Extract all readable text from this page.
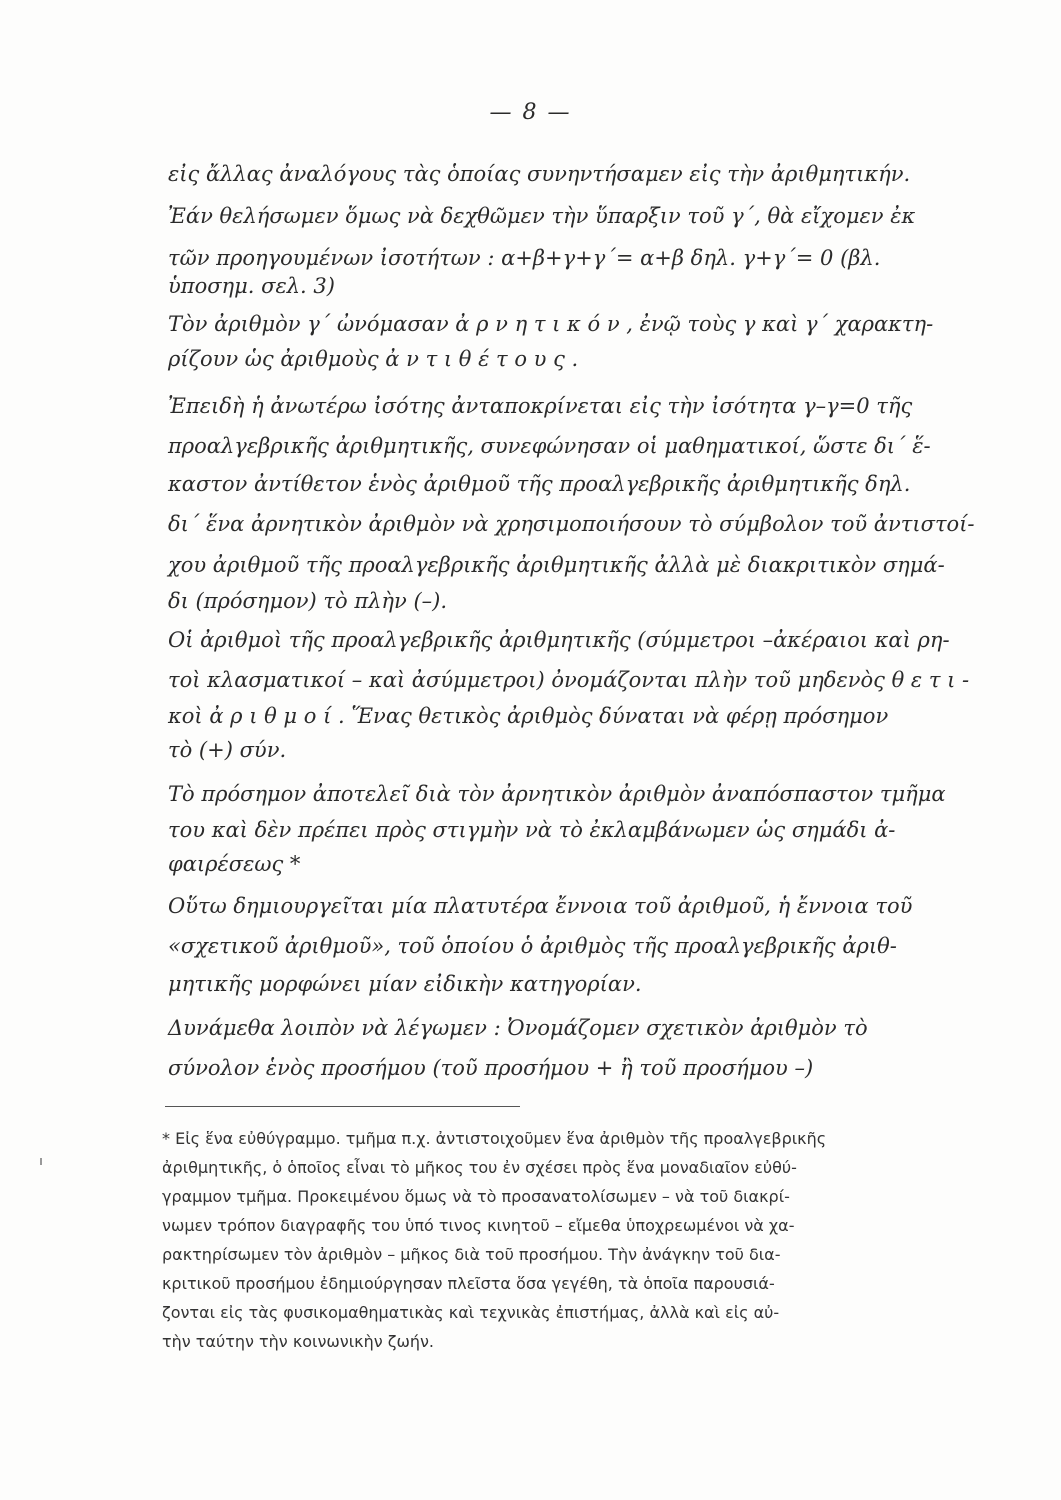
— 8 —
εἰς ἄλλας ἀναλόγους τὰς ὁποίας συνηντήσαμεν εἰς τὴν ἀριθμητικήν.
Ἐάν θελήσωμεν ὅμως νὰ δεχθῶμεν τὴν ὕπαρξιν τοῦ γ΄, θὰ εἴχομεν ἐκ
τῶν προηγουμένων ἰσοτήτων : α+β+γ+γ΄= α+β δηλ. γ+γ΄= 0 (βλ.
ὑποσημ. σελ. 3)
Τὸν ἀριθμὸν γ΄ ὠνόμασαν ἀ ρ ν η τ ι κ ό ν , ἐνῷ τοὺς γ καὶ γ΄ χαρακτη-
ρίζουν ὡς ἀριθμοὺς ἀ ν τ ι θ έ τ ο υ ς .
Ἐπειδὴ ἡ ἀνωτέρω ἰσότης ἀνταποκρίνεται εἰς τὴν ἰσότητα γ–γ=0 τῆς
προαλγεβρικῆς ἀριθμητικῆς, συνεφώνησαν οἱ μαθηματικοί, ὥστε δι΄ ἕ-
καστον ἀντίθετον ἑνὸς ἀριθμοῦ τῆς προαλγεβρικῆς ἀριθμητικῆς δηλ.
δι΄ ἕνα ἀρνητικὸν ἀριθμὸν νὰ χρησιμοποιήσουν τὸ σύμβολον τοῦ ἀντιστοί-
χου ἀριθμοῦ τῆς προαλγεβρικῆς ἀριθμητικῆς ἀλλὰ μὲ διακριτικὸν σημά-
δι (πρόσημον) τὸ πλὴν (–).
Οἱ ἀριθμοὶ τῆς προαλγεβρικῆς ἀριθμητικῆς (σύμμετροι –ἀκέραιοι καὶ ρη-
τοὶ κλασματικοί – καὶ ἀσύμμετροι) ὀνομάζονται πλὴν τοῦ μηδενὸς θ ε τ ι -
κοὶ ἀ ρ ι θ μ ο ί . Ἕνας θετικὸς ἀριθμὸς δύναται νὰ φέρῃ πρόσημον
τὸ (+) σύν.
Τὸ πρόσημον ἀποτελεῖ διὰ τὸν ἀρνητικὸν ἀριθμὸν ἀναπόσπαστον τμῆμα
του καὶ δὲν πρέπει πρὸς στιγμὴν νὰ τὸ ἐκλαμβάνωμεν ὡς σημάδι ἀ-
φαιρέσεως *
Οὕτω δημιουργεῖται μία πλατυτέρα ἔννοια τοῦ ἀριθμοῦ, ἡ ἔννοια τοῦ
«σχετικοῦ ἀριθμοῦ», τοῦ ὁποίου ὁ ἀριθμὸς τῆς προαλγεβρικῆς ἀριθ-
μητικῆς μορφώνει μίαν εἰδικὴν κατηγορίαν.
Δυνάμεθα λοιπὸν νὰ λέγωμεν : Ὀνομάζομεν σχετικὸν ἀριθμὸν τὸ
σύνολον ἑνὸς προσήμου (τοῦ προσήμου + ἢ τοῦ προσήμου –)
* Εἰς ἕνα εὐθύγραμμο. τμῆμα π.χ. ἀντιστοιχοῦμεν ἕνα ἀριθμὸν τῆς προαλγεβρικῆς
ἀριθμητικῆς, ὁ ὁποῖος εἶναι τὸ μῆκος του ἐν σχέσει πρὸς ἕνα μοναδιαῖον εὐθύ-
γραμμον τμῆμα. Προκειμένου ὅμως νὰ τὸ προσανατολίσωμεν – νὰ τοῦ διακρί-
νωμεν τρόπον διαγραφῆς του ὑπό τινος κινητοῦ – εἴμεθα ὑποχρεωμένοι νὰ χα-
ρακτηρίσωμεν τὸν ἀριθμὸν – μῆκος διὰ τοῦ προσήμου. Τὴν ἀνάγκην τοῦ δια-
κριτικοῦ προσήμου ἐδημιούργησαν πλεῖστα ὅσα γεγέθη, τὰ ὁποῖα παρουσιά-
ζονται εἰς τὰς φυσικομαθηματικὰς καὶ τεχνικὰς ἐπιστήμας, ἀλλὰ καὶ εἰς αὐ-
τὴν ταύτην τὴν κοινωνικὴν ζωήν.
